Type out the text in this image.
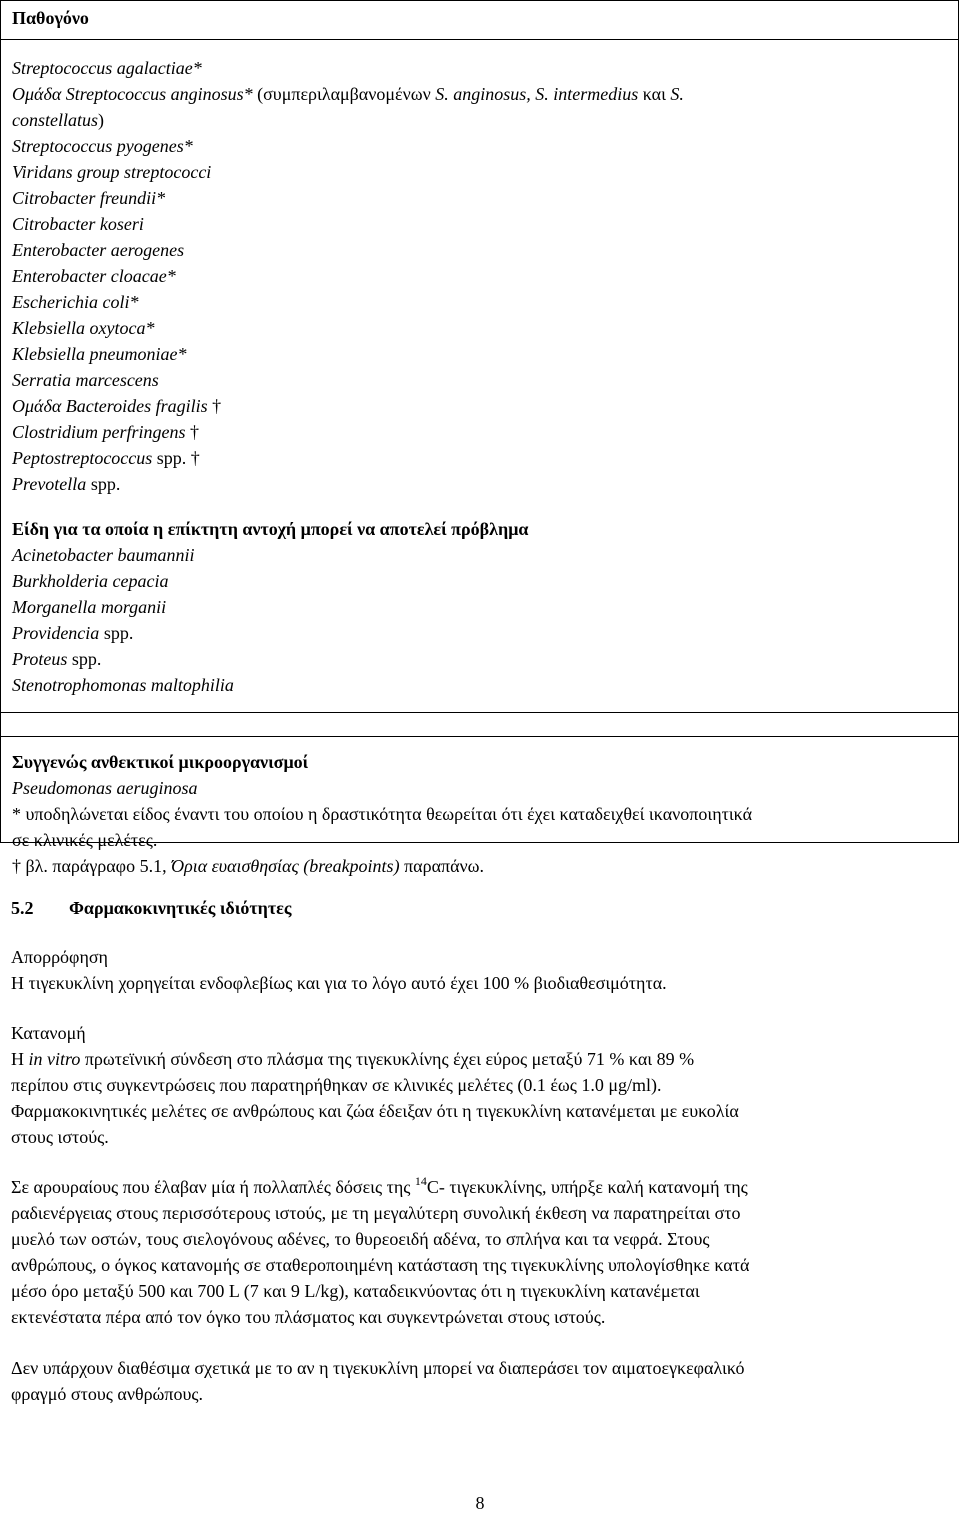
Παθογόνο
Streptococcus agalactiae*
Ομάδα Streptococcus anginosus* (συμπεριλαμβανομένων S. anginosus, S. intermedius και S.
constellatus)
Streptococcus pyogenes*
Viridans group streptococci
Citrobacter freundii*
Citrobacter koseri
Enterobacter aerogenes
Enterobacter cloacae*
Escherichia coli*
Klebsiella oxytoca*
Klebsiella pneumoniae*
Serratia marcescens
Ομάδα Bacteroides fragilis †
Clostridium perfringens †
Peptostreptococcus spp. †
Prevotella spp.
Είδη για τα οποία η επίκτητη αντοχή μπορεί να αποτελεί πρόβλημα
Acinetobacter baumannii
Burkholderia cepacia
Morganella morganii
Providencia spp.
Proteus spp.
Stenotrophomonas maltophilia
Συγγενώς ανθεκτικοί μικροοργανισμοί
Pseudomonas aeruginosa
* υποδηλώνεται είδος έναντι του οποίου η δραστικότητα θεωρείται ότι έχει καταδειχθεί ικανοποιητικά
σε κλινικές μελέτες.
† βλ. παράγραφο 5.1, Όρια ευαισθησίας (breakpoints) παραπάνω.
5.2 Φαρμακοκινητικές ιδιότητες
Απορρόφηση
Η τιγεκυκλίνη χορηγείται ενδοφλεβίως και για το λόγο αυτό έχει 100 % βιοδιαθεσιμότητα.
Κατανομή
Η in vitro πρωτεϊνική σύνδεση στο πλάσμα της τιγεκυκλίνης έχει εύρος μεταξύ 71 % και 89 %
περίπου στις συγκεντρώσεις που παρατηρήθηκαν σε κλινικές μελέτες (0.1 έως 1.0 μg/ml).
Φαρμακοκινητικές μελέτες σε ανθρώπους και ζώα έδειξαν ότι η τιγεκυκλίνη κατανέμεται με ευκολία
στους ιστούς.
Σε αρουραίους που έλαβαν μία ή πολλαπλές δόσεις της $^{14}$C- τιγεκυκλίνης, υπήρξε καλή κατανομή της
ραδιενέργειας στους περισσότερους ιστούς, με τη μεγαλύτερη συνολική έκθεση να παρατηρείται στο
μυελό των οστών, τους σιελογόνους αδένες, το θυρεοειδή αδένα, το σπλήνα και τα νεφρά. Στους
ανθρώπους, ο όγκος κατανομής σε σταθεροποιημένη κατάσταση της τιγεκυκλίνης υπολογίσθηκε κατά
μέσο όρο μεταξύ 500 και 700 L (7 και 9 L/kg), καταδεικνύοντας ότι η τιγεκυκλίνη κατανέμεται
εκτενέστατα πέρα από τον όγκο του πλάσματος και συγκεντρώνεται στους ιστούς.
Δεν υπάρχουν διαθέσιμα σχετικά με το αν η τιγεκυκλίνη μπορεί να διαπεράσει τον αιματοεγκεφαλικό
φραγμό στους ανθρώπους.
8
